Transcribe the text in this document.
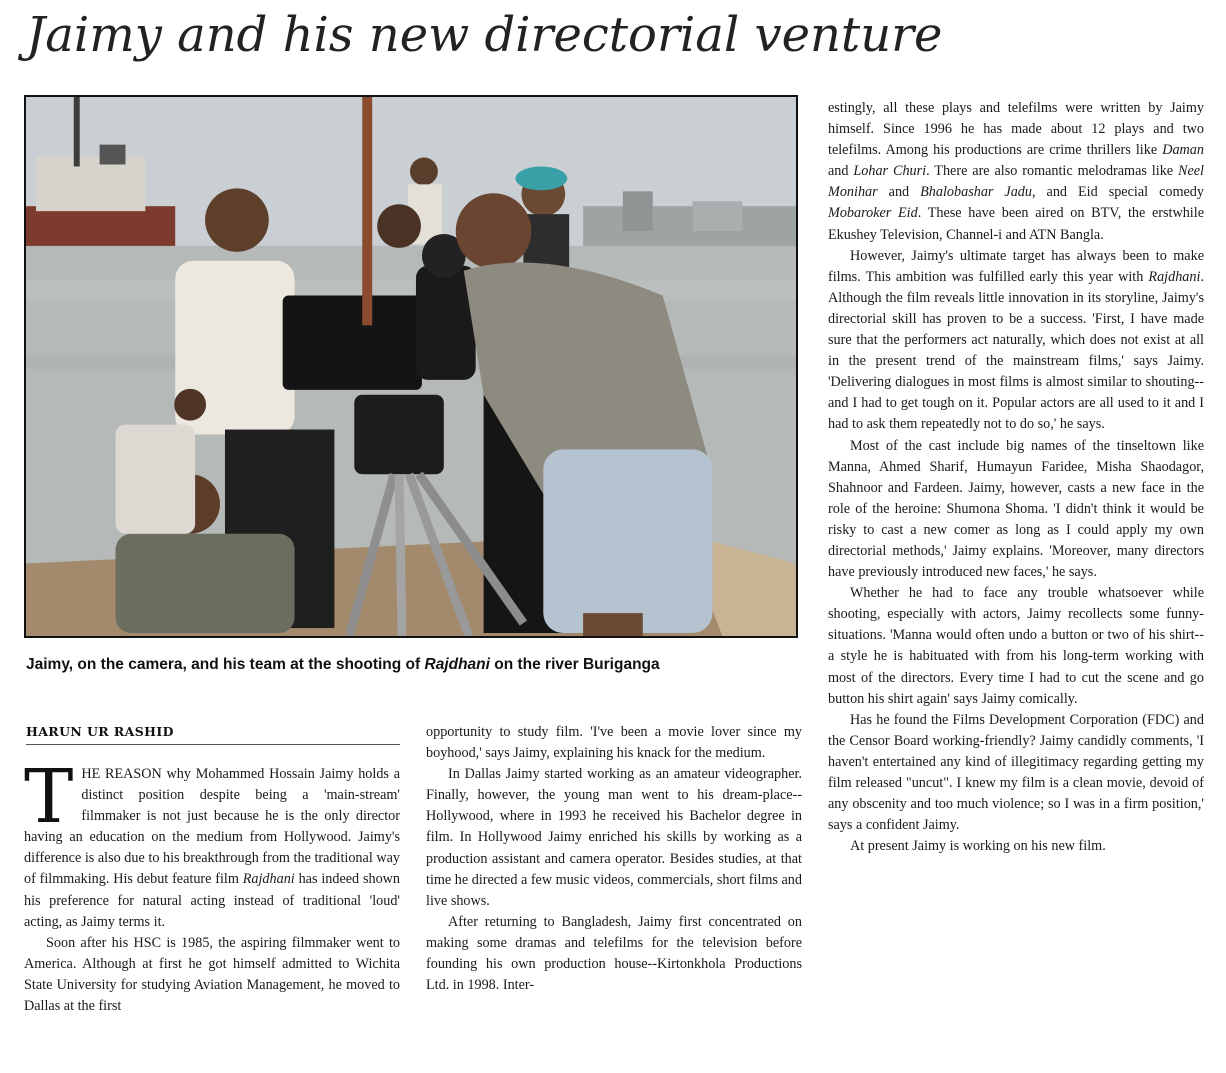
Jaimy and his new directorial venture

Jaimy, on the camera, and his team at the shooting of Rajdhani on the river Buriganga

HARUN UR RASHID

THE REASON why Mohammed Hossain Jaimy holds a distinct position despite being a 'main-stream' filmmaker is not just because he is the only director having an education on the medium from Hollywood. Jaimy's difference is also due to his breakthrough from the traditional way of filmmaking. His debut feature film Rajdhani has indeed shown his preference for natural acting instead of traditional 'loud' acting, as Jaimy terms it.

Soon after his HSC is 1985, the aspiring filmmaker went to America. Although at first he got himself admitted to Wichita State University for studying Aviation Management, he moved to Dallas at the first

opportunity to study film. 'I've been a movie lover since my boyhood,' says Jaimy, explaining his knack for the medium.

In Dallas Jaimy started working as an amateur videographer. Finally, however, the young man went to his dream-place--Hollywood, where in 1993 he received his Bachelor degree in film. In Hollywood Jaimy enriched his skills by working as a production assistant and camera operator. Besides studies, at that time he directed a few music videos, commercials, short films and live shows.

After returning to Bangladesh, Jaimy first concentrated on making some dramas and telefilms for the television before founding his own production house--Kirtonkhola Productions Ltd. in 1998. Inter-

estingly, all these plays and telefilms were written by Jaimy himself. Since 1996 he has made about 12 plays and two telefilms. Among his productions are crime thrillers like Daman and Lohar Churi. There are also romantic melodramas like Neel Monihar and Bhalobashar Jadu, and Eid special comedy Mobaroker Eid. These have been aired on BTV, the erstwhile Ekushey Television, Channel-i and ATN Bangla.

However, Jaimy's ultimate target has always been to make films. This ambition was fulfilled early this year with Rajdhani. Although the film reveals little innovation in its storyline, Jaimy's directorial skill has proven to be a success. 'First, I have made sure that the performers act naturally, which does not exist at all in the present trend of the mainstream films,' says Jaimy. 'Delivering dialogues in most films is almost similar to shouting--and I had to get tough on it. Popular actors are all used to it and I had to ask them repeatedly not to do so,' he says.

Most of the cast include big names of the tinseltown like Manna, Ahmed Sharif, Humayun Faridee, Misha Shaodagor, Shahnoor and Fardeen. Jaimy, however, casts a new face in the role of the heroine: Shumona Shoma. 'I didn't think it would be risky to cast a new comer as long as I could apply my own directorial methods,' Jaimy explains. 'Moreover, many directors have previously introduced new faces,' he says.

Whether he had to face any trouble whatsoever while shooting, especially with actors, Jaimy recollects some funny-situations. 'Manna would often undo a button or two of his shirt--a style he is habituated with from his long-term working with most of the directors. Every time I had to cut the scene and go button his shirt again' says Jaimy comically.

Has he found the Films Development Corporation (FDC) and the Censor Board working-friendly? Jaimy candidly comments, 'I haven't entertained any kind of illegitimacy regarding getting my film released "uncut". I knew my film is a clean movie, devoid of any obscenity and too much violence; so I was in a firm position,' says a confident Jaimy.

At present Jaimy is working on his new film.
